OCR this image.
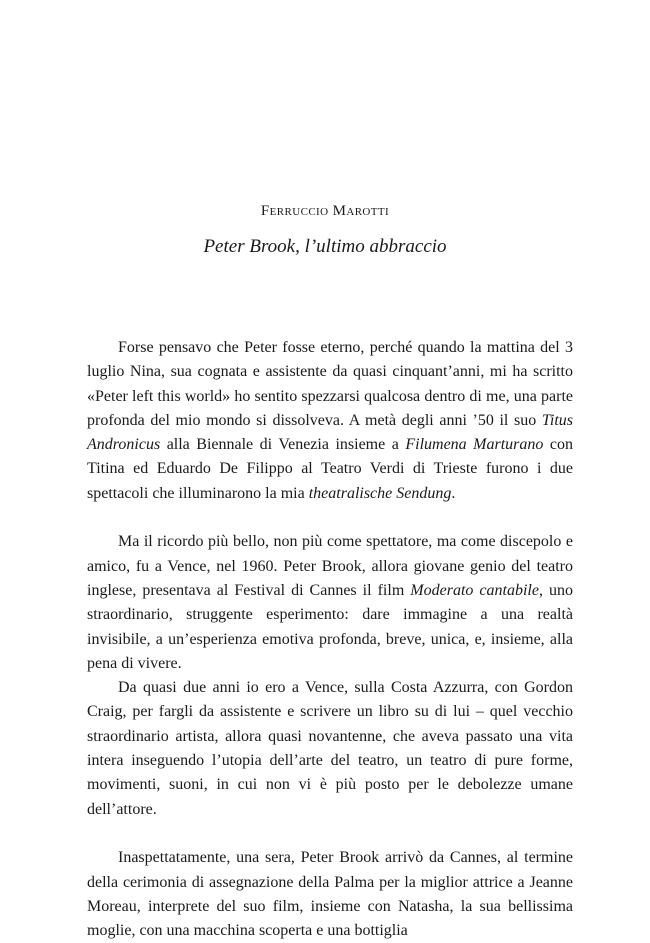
Ferruccio Marotti
Peter Brook, l’ultimo abbraccio

Forse pensavo che Peter fosse eterno, perché quando la mattina del 3 luglio Nina, sua cognata e assistente da quasi cinquant’anni, mi ha scritto «Peter left this world» ho sentito spezzarsi qualcosa dentro di me, una parte profonda del mio mondo si dissolveva. A metà degli anni ’50 il suo Titus Andronicus alla Biennale di Venezia insieme a Filumena Marturano con Titina ed Eduardo De Filippo al Teatro Verdi di Trieste furono i due spettacoli che illuminarono la mia theatralische Sendung.

Ma il ricordo più bello, non più come spettatore, ma come discepolo e amico, fu a Vence, nel 1960. Peter Brook, allora giovane genio del teatro inglese, presentava al Festival di Cannes il film Moderato cantabile, uno straordinario, struggente esperimento: dare immagine a una realtà invisibile, a un’esperienza emotiva profonda, breve, unica, e, insieme, alla pena di vivere.

Da quasi due anni io ero a Vence, sulla Costa Azzurra, con Gordon Craig, per fargli da assistente e scrivere un libro su di lui – quel vecchio straordinario artista, allora quasi novantenne, che aveva passato una vita intera inseguendo l’utopia dell’arte del teatro, un teatro di pure forme, movimenti, suoni, in cui non vi è più posto per le debolezze umane dell’attore.

Inaspettatamente, una sera, Peter Brook arrivò da Cannes, al termine della cerimonia di assegnazione della Palma per la miglior attrice a Jeanne Moreau, interprete del suo film, insieme con Natasha, la sua bellissima moglie, con una macchina scoperta e una bottiglia
